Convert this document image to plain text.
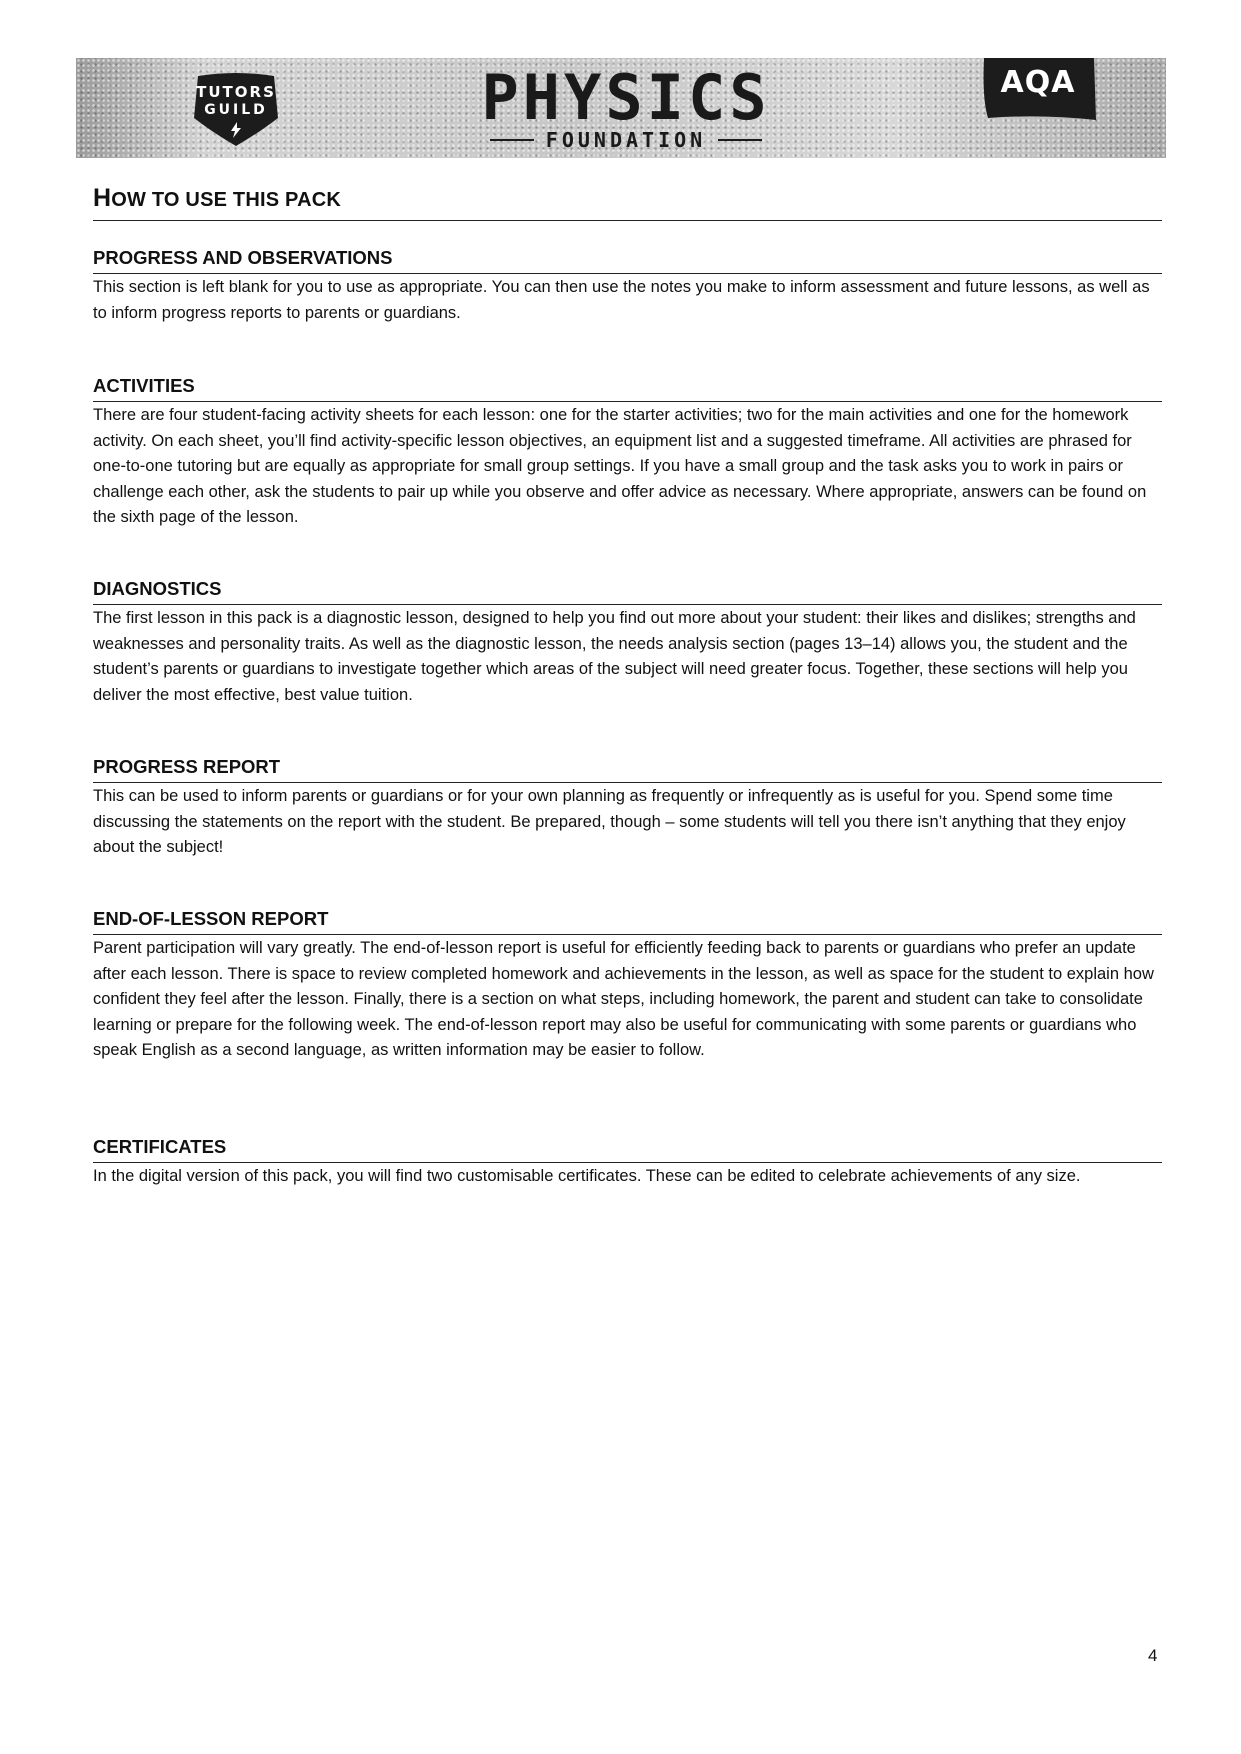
TUTORS
GUILD	PHYSICS
FOUNDATION
AQA
HOW TO USE THIS PACK
PROGRESS AND OBSERVATIONS

This section is left blank for you to use as appropriate. You can then use the notes you make to inform assessment and future lessons, as well as to inform progress reports to parents or guardians.

ACTIVITIES

There are four student-facing activity sheets for each lesson: one for the starter activities; two for the main activities and one for the homework activity. On each sheet, you’ll find activity-specific lesson objectives, an equipment list and a suggested timeframe. All activities are phrased for one-to-one tutoring but are equally as appropriate for small group settings. If you have a small group and the task asks you to work in pairs or challenge each other, ask the students to pair up while you observe and offer advice as necessary. Where appropriate, answers can be found on the sixth page of the lesson.

DIAGNOSTICS

The first lesson in this pack is a diagnostic lesson, designed to help you find out more about your student: their likes and dislikes; strengths and weaknesses and personality traits. As well as the diagnostic lesson, the needs analysis section (pages 13–14) allows you, the student and the student’s parents or guardians to investigate together which areas of the subject will need greater focus. Together, these sections will help you deliver the most effective, best value tuition.

PROGRESS REPORT

This can be used to inform parents or guardians or for your own planning as frequently or infrequently as is useful for you. Spend some time discussing the statements on the report with the student. Be prepared, though – some students will tell you there isn’t anything that they enjoy about the subject!

END-OF-LESSON REPORT

Parent participation will vary greatly. The end-of-lesson report is useful for efficiently feeding back to parents or guardians who prefer an update after each lesson. There is space to review completed homework and achievements in the lesson, as well as space for the student to explain how confident they feel after the lesson. Finally, there is a section on what steps, including homework, the parent and student can take to consolidate learning or prepare for the following week. The end-of-lesson report may also be useful for communicating with some parents or guardians who speak English as a second language, as written information may be easier to follow.

CERTIFICATES

In the digital version of this pack, you will find two customisable certificates. These can be edited to celebrate achievements of any size.

4
